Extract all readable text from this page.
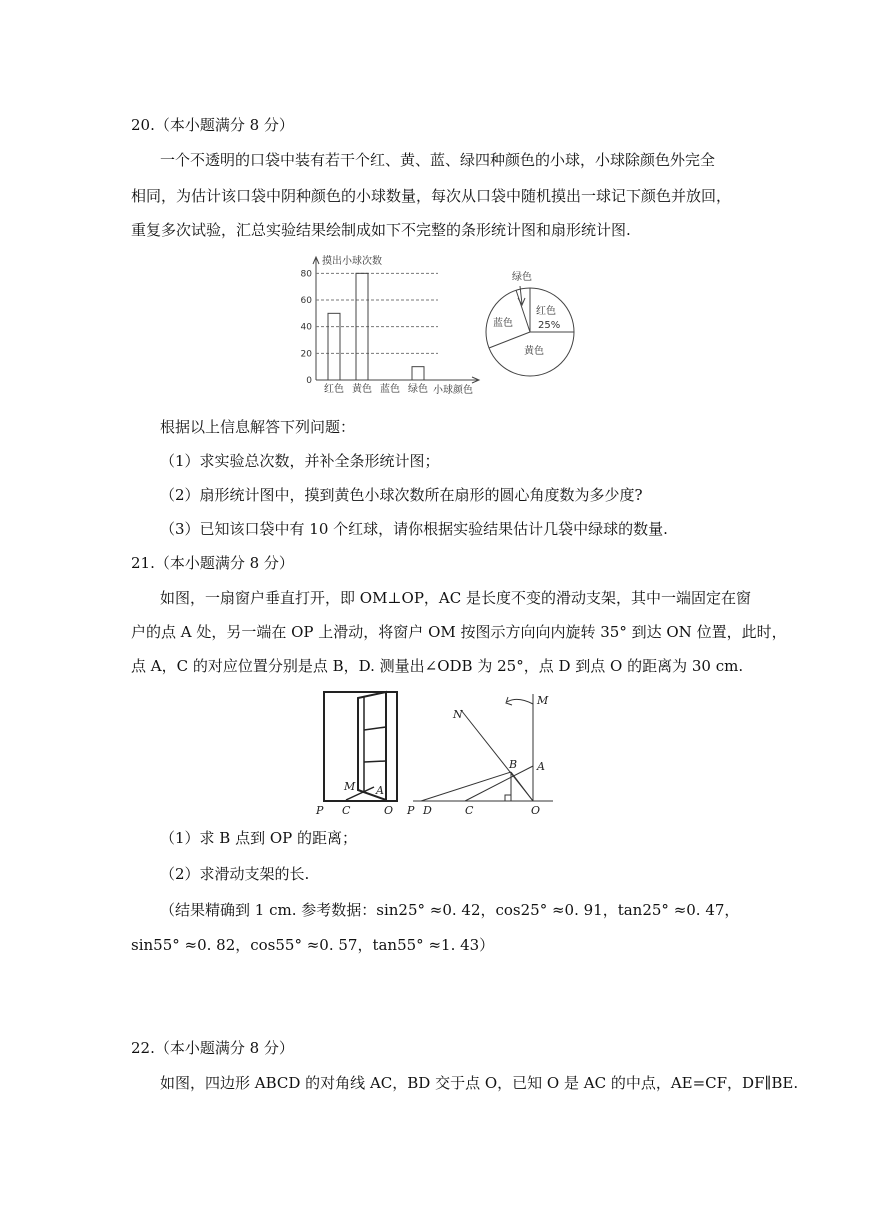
20.（本小题满分 8 分）
一个不透明的口袋中装有若干个红、黄、蓝、绿四种颜色的小球，小球除颜色外完全
相同，为估计该口袋中阴种颜色的小球数量，每次从口袋中随机摸出一球记下颜色并放回，
重复多次试验，汇总实验结果绘制成如下不完整的条形统计图和扇形统计图.
0
20
40
60
80
红色 黄色 蓝色 绿色
摸出小球次数
小球颜色
绿色
红色
25%
蓝色
黄色
根据以上信息解答下列问题：
（1）求实验总次数，并补全条形统计图；
（2）扇形统计图中，摸到黄色小球次数所在扇形的圆心角度数为多少度?
（3）已知该口袋中有 10 个红球，请你根据实验结果估计几袋中绿球的数量.
21.（本小题满分 8 分）
如图，一扇窗户垂直打开，即 OM⊥OP，AC 是长度不变的滑动支架，其中一端固定在窗
户的点 A 处，另一端在 OP 上滑动，将窗户 OM 按图示方向向内旋转 35° 到达 ON 位置，此时，
点 A，C 的对应位置分别是点 B，D. 测量出∠ODB 为 25°，点 D 到点 O 的距离为 30 cm.
M A
P C	O
N
M
B A
P D	C	O
（1）求 B 点到 OP 的距离；
（2）求滑动支架的长.
（结果精确到 1 cm. 参考数据：sin25° ≈0. 42，cos25° ≈0. 91，tan25° ≈0. 47，
sin55° ≈0. 82，cos55° ≈0. 57，tan55° ≈1. 43）
22.（本小题满分 8 分）
如图，四边形 ABCD 的对角线 AC，BD 交于点 O，已知 O 是 AC 的中点，AE=CF，DF∥BE.
